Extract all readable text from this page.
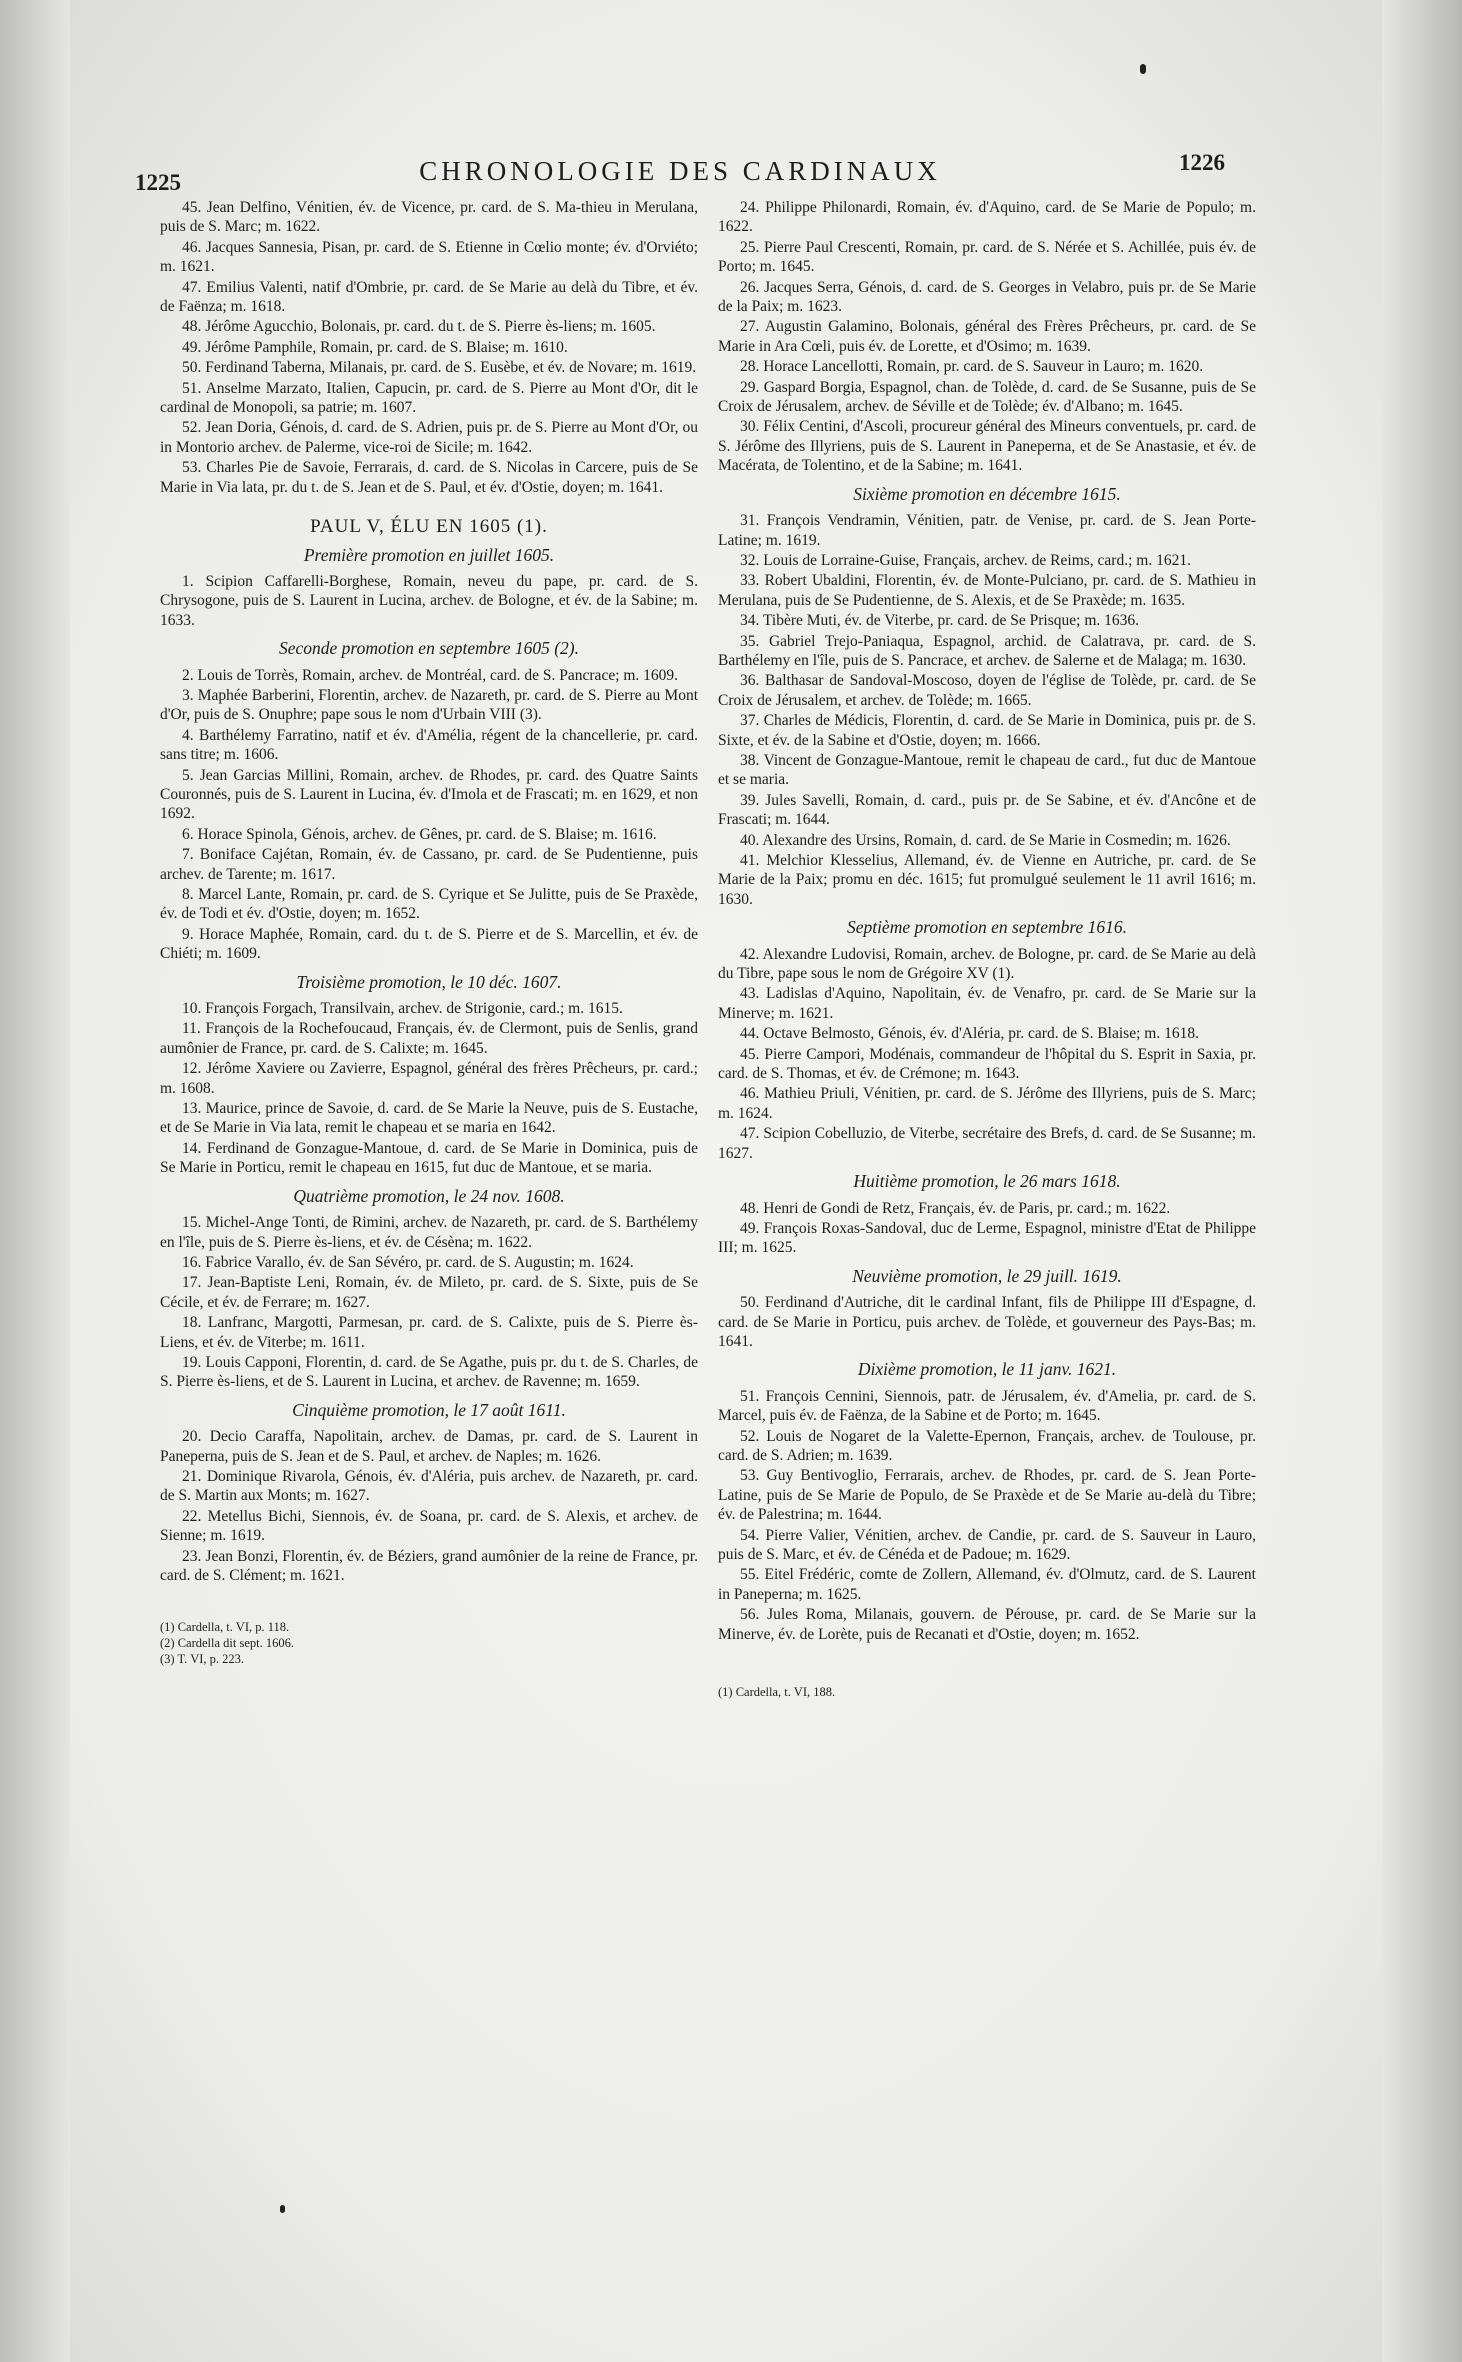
1225	CHRONOLOGIE DES CARDINAUX	1226

45. Jean Delfino, Vénitien, év. de Vicence, pr. card. de S. Ma-thieu in Merulana, puis de S. Marc; m. 1622.

46. Jacques Sannesia, Pisan, pr. card. de S. Etienne in Cœlio monte; év. d'Orviéto; m. 1621.

47. Emilius Valenti, natif d'Ombrie, pr. card. de Se Marie au delà du Tibre, et év. de Faënza; m. 1618.

48. Jérôme Agucchio, Bolonais, pr. card. du t. de S. Pierre ès-liens; m. 1605.

49. Jérôme Pamphile, Romain, pr. card. de S. Blaise; m. 1610.

50. Ferdinand Taberna, Milanais, pr. card. de S. Eusèbe, et év. de Novare; m. 1619.

51. Anselme Marzato, Italien, Capucin, pr. card. de S. Pierre au Mont d'Or, dit le cardinal de Monopoli, sa patrie; m. 1607.

52. Jean Doria, Génois, d. card. de S. Adrien, puis pr. de S. Pierre au Mont d'Or, ou in Montorio archev. de Palerme, vice-roi de Sicile; m. 1642.

53. Charles Pie de Savoie, Ferrarais, d. card. de S. Nicolas in Carcere, puis de Se Marie in Via lata, pr. du t. de S. Jean et de S. Paul, et év. d'Ostie, doyen; m. 1641.

PAUL V, ÉLU EN 1605 (1).
Première promotion en juillet 1605.

1. Scipion Caffarelli-Borghese, Romain, neveu du pape, pr. card. de S. Chrysogone, puis de S. Laurent in Lucina, archev. de Bologne, et év. de la Sabine; m. 1633.

Seconde promotion en septembre 1605 (2).

2. Louis de Torrès, Romain, archev. de Montréal, card. de S. Pancrace; m. 1609.

3. Maphée Barberini, Florentin, archev. de Nazareth, pr. card. de S. Pierre au Mont d'Or, puis de S. Onuphre; pape sous le nom d'Urbain VIII (3).

4. Barthélemy Farratino, natif et év. d'Amélia, régent de la chancellerie, pr. card. sans titre; m. 1606.

5. Jean Garcias Millini, Romain, archev. de Rhodes, pr. card. des Quatre Saints Couronnés, puis de S. Laurent in Lucina, év. d'Imola et de Frascati; m. en 1629, et non 1692.

6. Horace Spinola, Génois, archev. de Gênes, pr. card. de S. Blaise; m. 1616.

7. Boniface Cajétan, Romain, év. de Cassano, pr. card. de Se Pudentienne, puis archev. de Tarente; m. 1617.

8. Marcel Lante, Romain, pr. card. de S. Cyrique et Se Julitte, puis de Se Praxède, év. de Todi et év. d'Ostie, doyen; m. 1652.

9. Horace Maphée, Romain, card. du t. de S. Pierre et de S. Marcellin, et év. de Chiéti; m. 1609.

Troisième promotion, le 10 déc. 1607.

10. François Forgach, Transilvain, archev. de Strigonie, card.; m. 1615.

11. François de la Rochefoucaud, Français, év. de Clermont, puis de Senlis, grand aumônier de France, pr. card. de S. Calixte; m. 1645.

12. Jérôme Xaviere ou Zavierre, Espagnol, général des frères Prêcheurs, pr. card.; m. 1608.

13. Maurice, prince de Savoie, d. card. de Se Marie la Neuve, puis de S. Eustache, et de Se Marie in Via lata, remit le chapeau et se maria en 1642.

14. Ferdinand de Gonzague-Mantoue, d. card. de Se Marie in Dominica, puis de Se Marie in Porticu, remit le chapeau en 1615, fut duc de Mantoue, et se maria.

Quatrième promotion, le 24 nov. 1608.

15. Michel-Ange Tonti, de Rimini, archev. de Nazareth, pr. card. de S. Barthélemy en l'île, puis de S. Pierre ès-liens, et év. de Césèna; m. 1622.

16. Fabrice Varallo, év. de San Sévéro, pr. card. de S. Augustin; m. 1624.

17. Jean-Baptiste Leni, Romain, év. de Mileto, pr. card. de S. Sixte, puis de Se Cécile, et év. de Ferrare; m. 1627.

18. Lanfranc, Margotti, Parmesan, pr. card. de S. Calixte, puis de S. Pierre ès-Liens, et év. de Viterbe; m. 1611.

19. Louis Capponi, Florentin, d. card. de Se Agathe, puis pr. du t. de S. Charles, de S. Pierre ès-liens, et de S. Laurent in Lucina, et archev. de Ravenne; m. 1659.

Cinquième promotion, le 17 août 1611.

20. Decio Caraffa, Napolitain, archev. de Damas, pr. card. de S. Laurent in Paneperna, puis de S. Jean et de S. Paul, et archev. de Naples; m. 1626.

21. Dominique Rivarola, Génois, év. d'Aléria, puis archev. de Nazareth, pr. card. de S. Martin aux Monts; m. 1627.

22. Metellus Bichi, Siennois, év. de Soana, pr. card. de S. Alexis, et archev. de Sienne; m. 1619.

23. Jean Bonzi, Florentin, év. de Béziers, grand aumônier de la reine de France, pr. card. de S. Clément; m. 1621.

(1) Cardella, t. VI, p. 118.
(2) Cardella dit sept. 1606.
(3) T. VI, p. 223.

24. Philippe Philonardi, Romain, év. d'Aquino, card. de Se Marie de Populo; m. 1622.

25. Pierre Paul Crescenti, Romain, pr. card. de S. Nérée et S. Achillée, puis év. de Porto; m. 1645.

26. Jacques Serra, Génois, d. card. de S. Georges in Velabro, puis pr. de Se Marie de la Paix; m. 1623.

27. Augustin Galamino, Bolonais, général des Frères Prêcheurs, pr. card. de Se Marie in Ara Cœli, puis év. de Lorette, et d'Osimo; m. 1639.

28. Horace Lancellotti, Romain, pr. card. de S. Sauveur in Lauro; m. 1620.

29. Gaspard Borgia, Espagnol, chan. de Tolède, d. card. de Se Susanne, puis de Se Croix de Jérusalem, archev. de Séville et de Tolède; év. d'Albano; m. 1645.

30. Félix Centini, d'Ascoli, procureur général des Mineurs conventuels, pr. card. de S. Jérôme des Illyriens, puis de S. Laurent in Paneperna, et de Se Anastasie, et év. de Macérata, de Tolentino, et de la Sabine; m. 1641.

Sixième promotion en décembre 1615.

31. François Vendramin, Vénitien, patr. de Venise, pr. card. de S. Jean Porte-Latine; m. 1619.

32. Louis de Lorraine-Guise, Français, archev. de Reims, card.; m. 1621.

33. Robert Ubaldini, Florentin, év. de Monte-Pulciano, pr. card. de S. Mathieu in Merulana, puis de Se Pudentienne, de S. Alexis, et de Se Praxède; m. 1635.

34. Tibère Muti, év. de Viterbe, pr. card. de Se Prisque; m. 1636.

35. Gabriel Trejo-Paniaqua, Espagnol, archid. de Calatrava, pr. card. de S. Barthélemy en l'île, puis de S. Pancrace, et archev. de Salerne et de Malaga; m. 1630.

36. Balthasar de Sandoval-Moscoso, doyen de l'église de Tolède, pr. card. de Se Croix de Jérusalem, et archev. de Tolède; m. 1665.

37. Charles de Médicis, Florentin, d. card. de Se Marie in Dominica, puis pr. de S. Sixte, et év. de la Sabine et d'Ostie, doyen; m. 1666.

38. Vincent de Gonzague-Mantoue, remit le chapeau de card., fut duc de Mantoue et se maria.

39. Jules Savelli, Romain, d. card., puis pr. de Se Sabine, et év. d'Ancône et de Frascati; m. 1644.

40. Alexandre des Ursins, Romain, d. card. de Se Marie in Cosmedin; m. 1626.

41. Melchior Klesselius, Allemand, év. de Vienne en Autriche, pr. card. de Se Marie de la Paix; promu en déc. 1615; fut promulgué seulement le 11 avril 1616; m. 1630.

Septième promotion en septembre 1616.

42. Alexandre Ludovisi, Romain, archev. de Bologne, pr. card. de Se Marie au delà du Tibre, pape sous le nom de Grégoire XV (1).

43. Ladislas d'Aquino, Napolitain, év. de Venafro, pr. card. de Se Marie sur la Minerve; m. 1621.

44. Octave Belmosto, Génois, év. d'Aléria, pr. card. de S. Blaise; m. 1618.

45. Pierre Campori, Modénais, commandeur de l'hôpital du S. Esprit in Saxia, pr. card. de S. Thomas, et év. de Crémone; m. 1643.

46. Mathieu Priuli, Vénitien, pr. card. de S. Jérôme des Illyriens, puis de S. Marc; m. 1624.

47. Scipion Cobelluzio, de Viterbe, secrétaire des Brefs, d. card. de Se Susanne; m. 1627.

Huitième promotion, le 26 mars 1618.

48. Henri de Gondi de Retz, Français, év. de Paris, pr. card.; m. 1622.

49. François Roxas-Sandoval, duc de Lerme, Espagnol, ministre d'Etat de Philippe III; m. 1625.

Neuvième promotion, le 29 juill. 1619.

50. Ferdinand d'Autriche, dit le cardinal Infant, fils de Philippe III d'Espagne, d. card. de Se Marie in Porticu, puis archev. de Tolède, et gouverneur des Pays-Bas; m. 1641.

Dixième promotion, le 11 janv. 1621.

51. François Cennini, Siennois, patr. de Jérusalem, év. d'Amelia, pr. card. de S. Marcel, puis év. de Faënza, de la Sabine et de Porto; m. 1645.

52. Louis de Nogaret de la Valette-Epernon, Français, archev. de Toulouse, pr. card. de S. Adrien; m. 1639.

53. Guy Bentivoglio, Ferrarais, archev. de Rhodes, pr. card. de S. Jean Porte-Latine, puis de Se Marie de Populo, de Se Praxède et de Se Marie au-delà du Tibre; év. de Palestrina; m. 1644.

54. Pierre Valier, Vénitien, archev. de Candie, pr. card. de S. Sauveur in Lauro, puis de S. Marc, et év. de Cénéda et de Padoue; m. 1629.

55. Eitel Frédéric, comte de Zollern, Allemand, év. d'Olmutz, card. de S. Laurent in Paneperna; m. 1625.

56. Jules Roma, Milanais, gouvern. de Pérouse, pr. card. de Se Marie sur la Minerve, év. de Lorète, puis de Recanati et d'Ostie, doyen; m. 1652.

(1) Cardella, t. VI, 188.
